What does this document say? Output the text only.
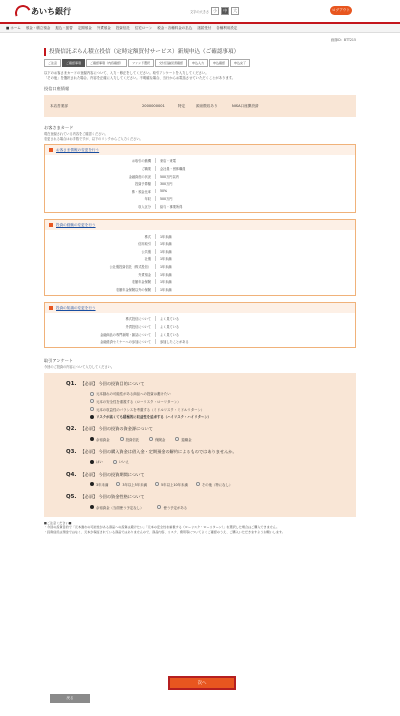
あいち銀行	文字の大きさ	小	中	大	ログアウト
■ ホーム 預金・積立預金 振込・振替 定期預金 外貨預金 投資信託 住宅ローン 税金・各種料金の払込 諸届受付 各種利用設定
画面ID：BTT215
投資信託ぷらん積立投信（定時定額買付サービス）新規申込（ご確認事項）
ご注意	ご確認事項	ご確認事項（内容確認）	ファンド選択	交付目論見書確認	申込入力	申込確認	申込完了
以下のお客さまカードの登録内容について、入力・修正をしてください。取引アンケートを入力してください。
「その他」を選択された場合、内容を正確に入力してください。不明確な場合、当行からお電話させていただくことがあります。
投信口座情報
本店営業部	2000000001	特定	源泉徴収あり	NISA口座開設済
お客さまカード
現在登録されている内容をご確認ください。
変更される場合はお手数ですが、以下のリンクからご入力ください。
お客さま情報の変更を行う
お取引の動機	来店・来電
ご職業	会社員・団体職員
金融資産の状況	500万円以内
投資予算額	300万円
株・預金比率	50%
年収	500万円
収入区分	給与・事業所得
投資の経験の変更を行う
株式	1年未満
信用取引	1年未満
公共債	1年未満
社債	1年未満
公社債投資信託（株式投信）	1年未満
外貨預金	1年未満
変額年金保険	1年未満
変額年金保険以外の保険	1年未満
投資の知識の変更を行う
株式投信について	よく見ている
外貨投信について	よく見ている
金融商品の専門新聞・雑誌について	よく見ている
金融経済セミナーへの参加について	参加したことがある
取引アンケート
今回のご投資の内容について入力してください。
Q1. 【必須】 今回の投資目的について
元本割れの可能性がある商品への投資は避けたい
元本の安全性を重視する（ローリスク・ローリターン）
元本の収益性のバランスを考慮する（ミドルリスク・ミドルリターン）
リスクが高くても積極的に収益性を追求する（ハイリスク・ハイリターン）
Q2. 【必須】 今回の投資の資金源について
余裕資金	投資信託	保険金	退職金
Q3. 【必須】 今回の購入資金は借入金・定期預金の解約によるものではありませんか。
はい	いいえ
Q4. 【必須】 今回の投資期間について
3年未満	3年以上5年未満	5年以上10年未満	その他（特になし）
Q5. 【必須】 今回の資金性格について
余裕資金（当面使う予定なし）	使う予定がある
■ご注意ください■
・今回の投資目的で「元本割れの可能性がある商品への投資は避けたい」「元本の安全性を重視する（ローリスク・ローリターン）」を選択した場合はご購入できません。
・投資信託は預金ではなく、元本が保証されている商品ではありませんので、商品内容、リスク、費用等についてよくご確認のうえ、ご購入いただきますようお願いします。
次へ
戻る
